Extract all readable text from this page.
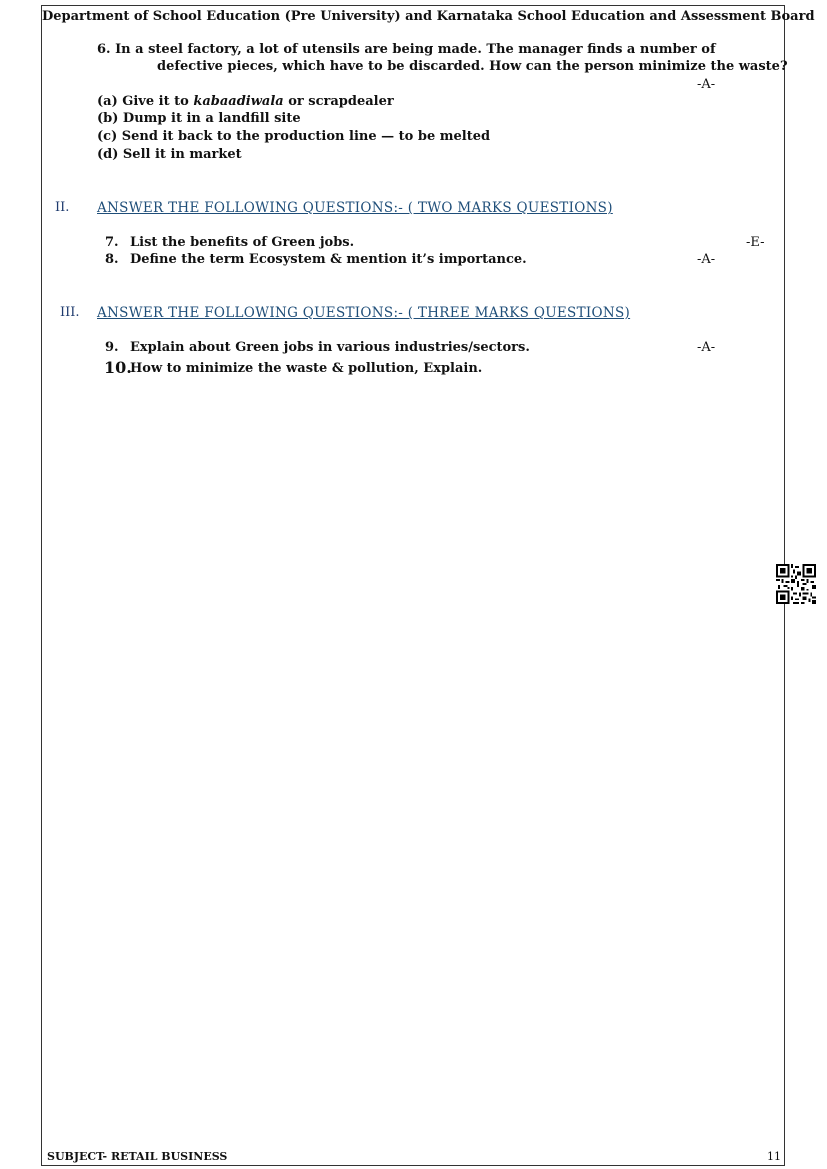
Department of School Education (Pre University) and Karnataka School Education and Assessment Board
6. In a steel factory, a lot of utensils are being made. The manager finds a number of
defective pieces, which have to be discarded. How can the person minimize the waste?
-A-
(a) Give it to kabaadiwala or scrapdealer
(b) Dump it in a landfill site
(c) Send it back to the production line — to be melted
(d) Sell it in market
II. ANSWER THE FOLLOWING QUESTIONS:- ( TWO MARKS QUESTIONS)
7. List the benefits of Green jobs.	-E-
8. Define the term Ecosystem & mention it’s importance.	-A-
III. ANSWER THE FOLLOWING QUESTIONS:- ( THREE MARKS QUESTIONS)
9. Explain about Green jobs in various industries/sectors.	-A-
10.
How to minimize the waste & pollution, Explain.
SUBJECT- RETAIL BUSINESS	11
